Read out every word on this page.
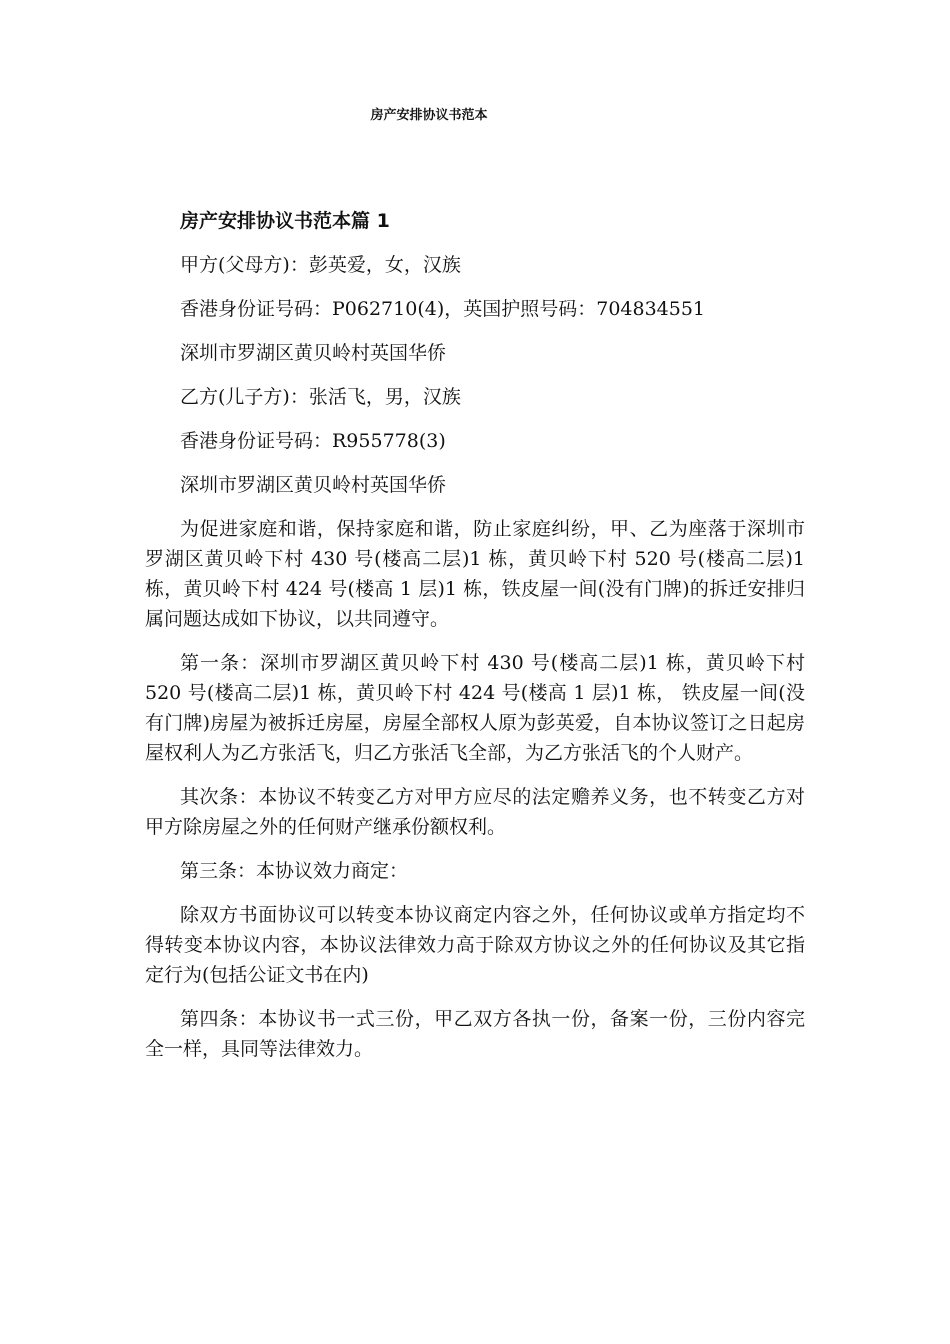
房产安排协议书范本
房产安排协议书范本篇 1
甲方(父母方)：彭英爱，女，汉族
香港身份证号码：P062710(4)，英国护照号码：704834551
深圳市罗湖区黄贝岭村英国华侨
乙方(儿子方)：张活飞，男，汉族
香港身份证号码：R955778(3)
深圳市罗湖区黄贝岭村英国华侨

为促进家庭和谐，保持家庭和谐，防止家庭纠纷，甲、乙为座落于深圳市罗湖区黄贝岭下村 430 号(楼高二层)1 栋，黄贝岭下村 520 号(楼高二层)1 栋，黄贝岭下村 424 号(楼高 1 层)1 栋，铁皮屋一间(没有门牌)的拆迁安排归属问题达成如下协议，以共同遵守。

第一条：深圳市罗湖区黄贝岭下村 430 号(楼高二层)1 栋，黄贝岭下村 520 号(楼高二层)1 栋，黄贝岭下村 424 号(楼高 1 层)1 栋， 铁皮屋一间(没有门牌)房屋为被拆迁房屋，房屋全部权人原为彭英爱，自本协议签订之日起房屋权利人为乙方张活飞，归乙方张活飞全部，为乙方张活飞的个人财产。

其次条：本协议不转变乙方对甲方应尽的法定赡养义务，也不转变乙方对甲方除房屋之外的任何财产继承份额权利。

第三条：本协议效力商定：

除双方书面协议可以转变本协议商定内容之外，任何协议或单方指定均不得转变本协议内容，本协议法律效力高于除双方协议之外的任何协议及其它指定行为(包括公证文书在内)

第四条：本协议书一式三份，甲乙双方各执一份，备案一份，三份内容完全一样，具同等法律效力。
